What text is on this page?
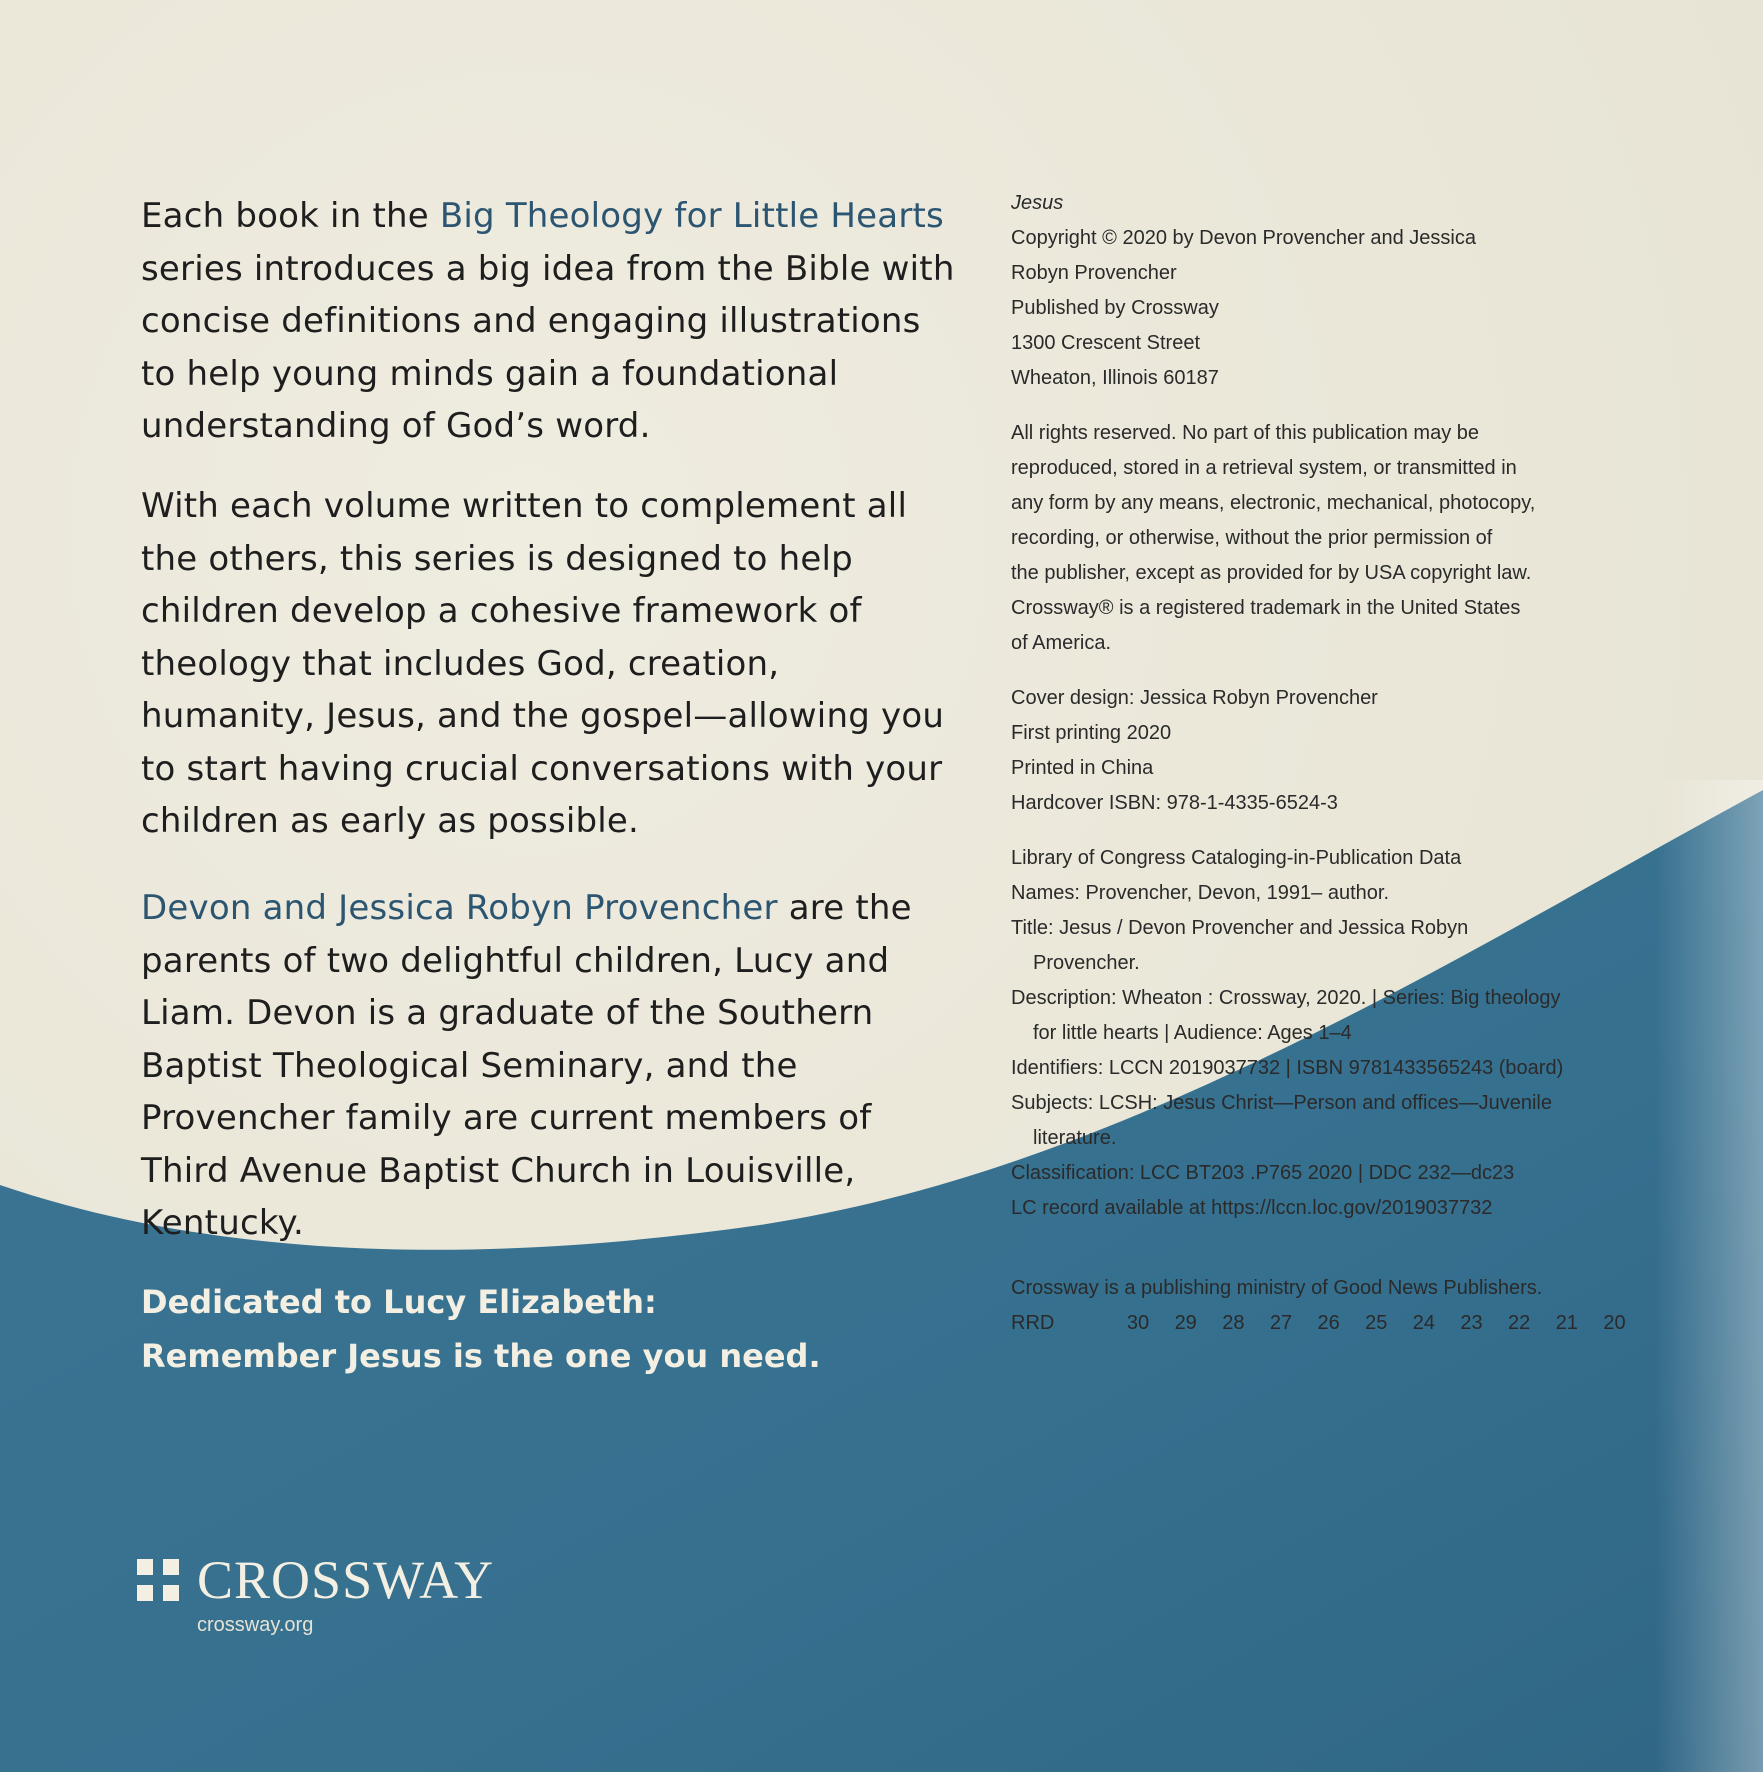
Each book in the Big Theology for Little Hearts series introduces a big idea from the Bible with concise definitions and engaging illustrations to help young minds gain a foundational understanding of God’s word.

With each volume written to complement all the others, this series is designed to help children develop a cohesive framework of theology that includes God, creation, humanity, Jesus, and the gospel—allowing you to start having crucial conversations with your children as early as possible.

Devon and Jessica Robyn Provencher are the parents of two delightful children, Lucy and Liam. Devon is a graduate of the Southern Baptist Theological Seminary, and the Provencher family are current members of Third Avenue Baptist Church in Louisville, Kentucky.

Dedicated to Lucy Elizabeth:
Remember Jesus is the one you need.
Jesus
Copyright © 2020 by Devon Provencher and Jessica
Robyn Provencher
Published by Crossway
1300 Crescent Street
Wheaton, Illinois 60187
All rights reserved. No part of this publication may be
reproduced, stored in a retrieval system, or transmitted in
any form by any means, electronic, mechanical, photocopy,
recording, or otherwise, without the prior permission of
the publisher, except as provided for by USA copyright law.
Crossway® is a registered trademark in the United States
of America.
Cover design: Jessica Robyn Provencher
First printing 2020
Printed in China
Hardcover ISBN: 978-1-4335-6524-3
Library of Congress Cataloging-in-Publication Data
Names: Provencher, Devon, 1991– author.
Title: Jesus / Devon Provencher and Jessica Robyn
Provencher.
Description: Wheaton : Crossway, 2020. | Series: Big theology
for little hearts | Audience: Ages 1–4
Identifiers: LCCN 2019037732 | ISBN 9781433565243 (board)
Subjects: LCSH: Jesus Christ—Person and offices—Juvenile
literature.
Classification: LCC BT203 .P765 2020 | DDC 232—dc23
LC record available at https://lccn.loc.gov/2019037732
Crossway is a publishing ministry of Good News Publishers.
RRD	30	29	28	27	26	25	24	23	22	21	20
CROSSWAY
crossway.org
